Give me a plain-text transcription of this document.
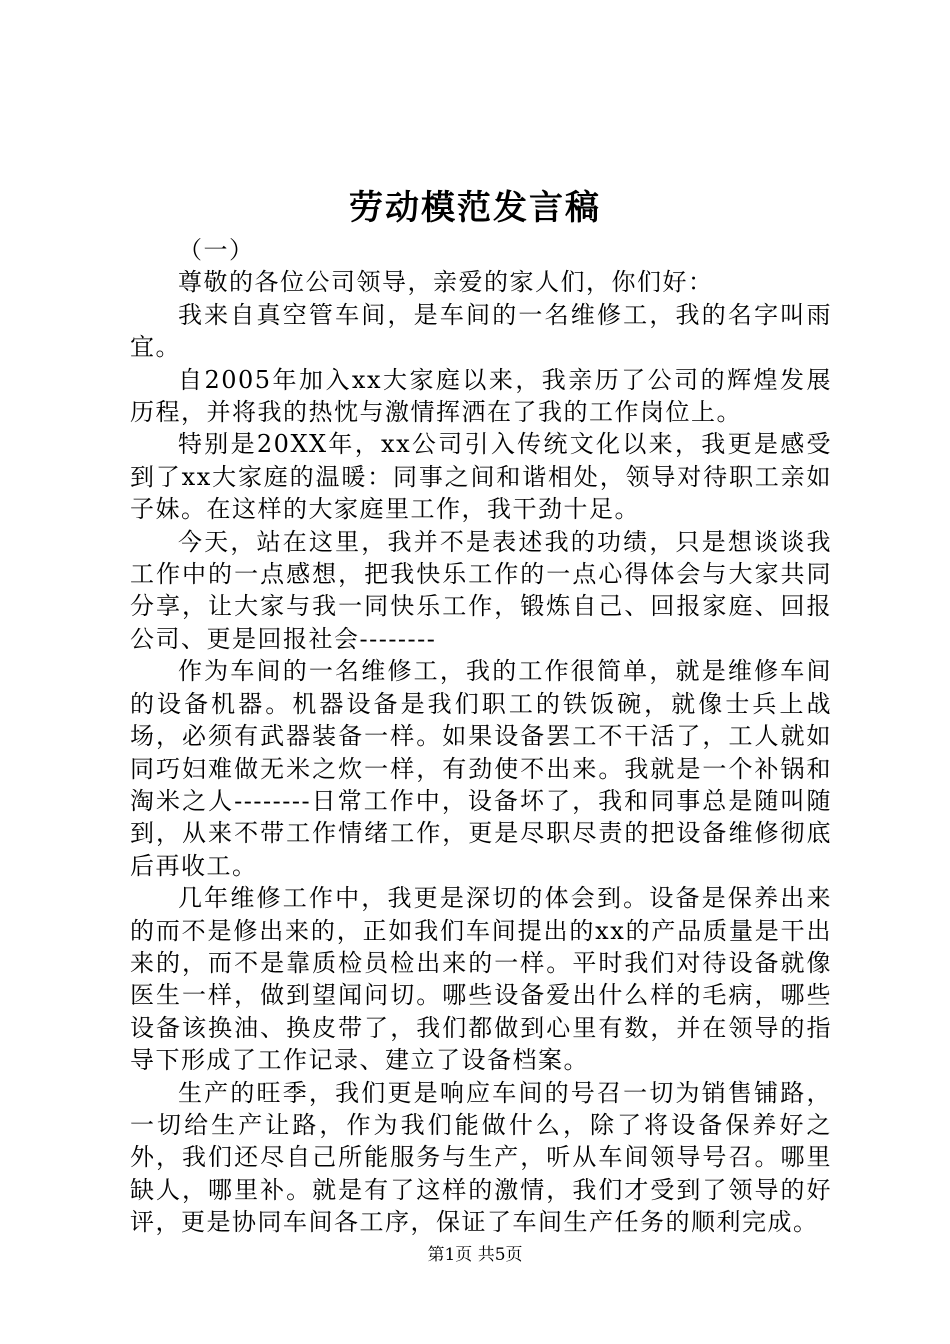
劳动模范发言稿

（一）

尊敬的各位公司领导，亲爱的家人们，你们好：

我来自真空管车间，是车间的一名维修工，我的名字叫雨宜。

自2005年加入xx大家庭以来，我亲历了公司的辉煌发展历程，并将我的热忱与激情挥洒在了我的工作岗位上。

特别是20XX年，xx公司引入传统文化以来，我更是感受到了xx大家庭的温暖：同事之间和谐相处，领导对待职工亲如子妹。在这样的大家庭里工作，我干劲十足。

今天，站在这里，我并不是表述我的功绩，只是想谈谈我工作中的一点感想，把我快乐工作的一点心得体会与大家共同分享，让大家与我一同快乐工作，锻炼自己、回报家庭、回报公司、更是回报社会--------

作为车间的一名维修工，我的工作很简单，就是维修车间的设备机器。机器设备是我们职工的铁饭碗，就像士兵上战场，必须有武器装备一样。如果设备罢工不干活了，工人就如同巧妇难做无米之炊一样，有劲使不出来。我就是一个补锅和淘米之人--------日常工作中，设备坏了，我和同事总是随叫随到，从来不带工作情绪工作，更是尽职尽责的把设备维修彻底后再收工。

几年维修工作中，我更是深切的体会到。设备是保养出来的而不是修出来的，正如我们车间提出的xx的产品质量是干出来的，而不是靠质检员检出来的一样。平时我们对待设备就像医生一样，做到望闻问切。哪些设备爱出什么样的毛病，哪些设备该换油、换皮带了，我们都做到心里有数，并在领导的指导下形成了工作记录、建立了设备档案。

生产的旺季，我们更是响应车间的号召一切为销售铺路，一切给生产让路，作为我们能做什么，除了将设备保养好之外，我们还尽自己所能服务与生产，听从车间领导号召。哪里缺人，哪里补。就是有了这样的激情，我们才受到了领导的好评，更是协同车间各工序，保证了车间生产任务的顺利完成。

第1页 共5页
